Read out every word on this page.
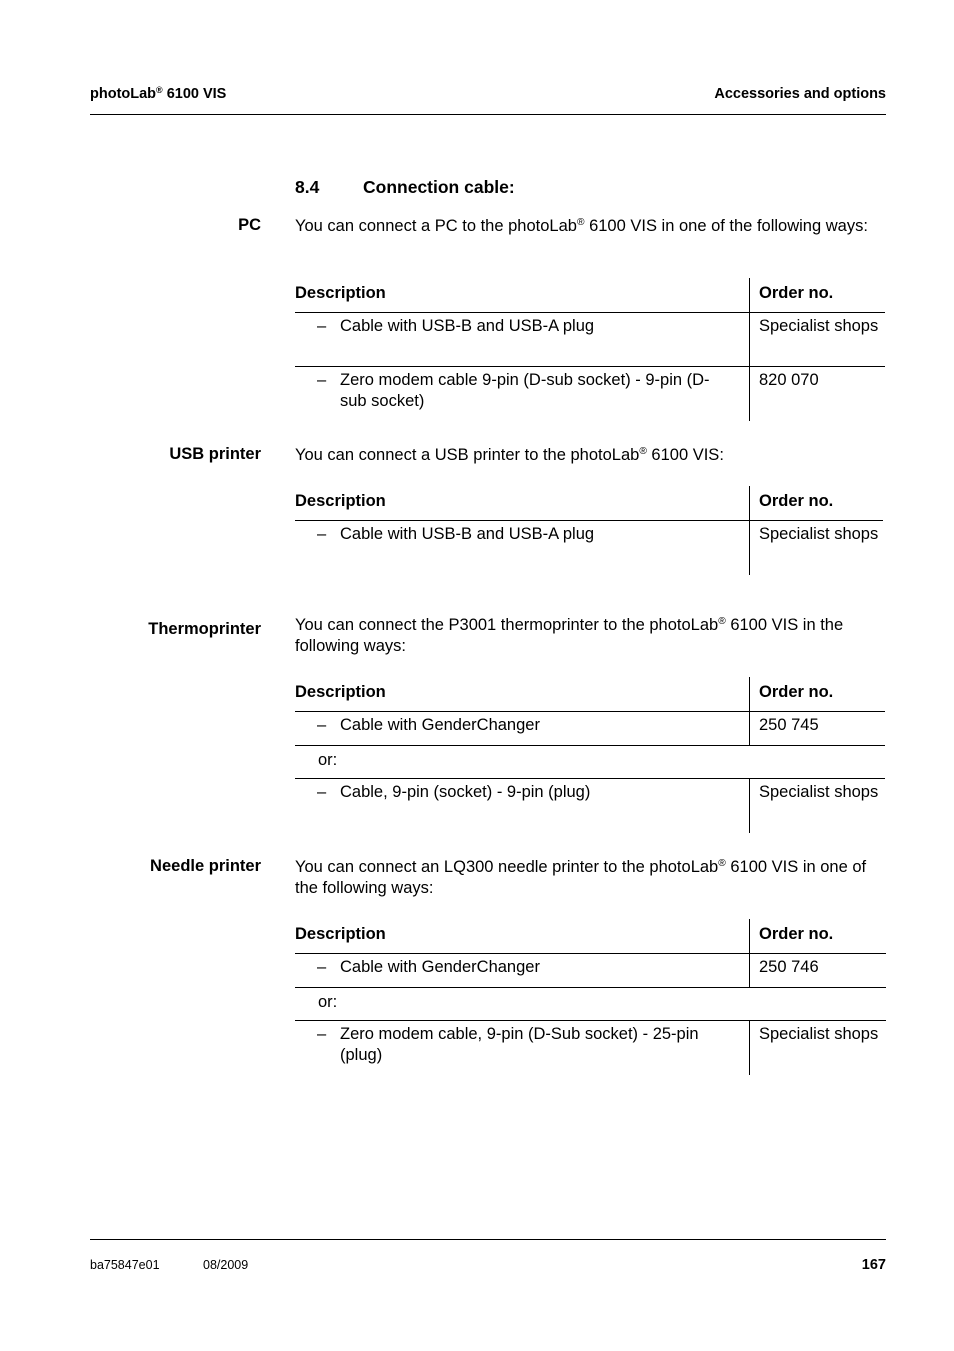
photoLab® 6100 VIS	Accessories and options
8.4 Connection cable:
PC You can connect a PC to the photoLab® 6100 VIS in one of the following ways:
Description	Order no.

– Cable with USB-B and USB-A plug	Specialist shops

– Zero modem cable 9-pin (D-sub socket) - 9-pin (D-sub socket)	820 070
USB printer You can connect a USB printer to the photoLab® 6100 VIS:
Description	Order no.

– Cable with USB-B and USB-A plug	Specialist shops
Thermoprinter You can connect the P3001 thermoprinter to the photoLab® 6100 VIS in the following ways:
Description	Order no.

– Cable with GenderChanger	250 745
or:	

– Cable, 9-pin (socket) - 9-pin (plug)	Specialist shops
Needle printer You can connect an LQ300 needle printer to the photoLab® 6100 VIS in one of the following ways:
Description	Order no.

– Cable with GenderChanger	250 746
or:	

– Zero modem cable, 9-pin (D-Sub socket) - 25-pin (plug)	Specialist shops
ba75847e01	08/2009	167
